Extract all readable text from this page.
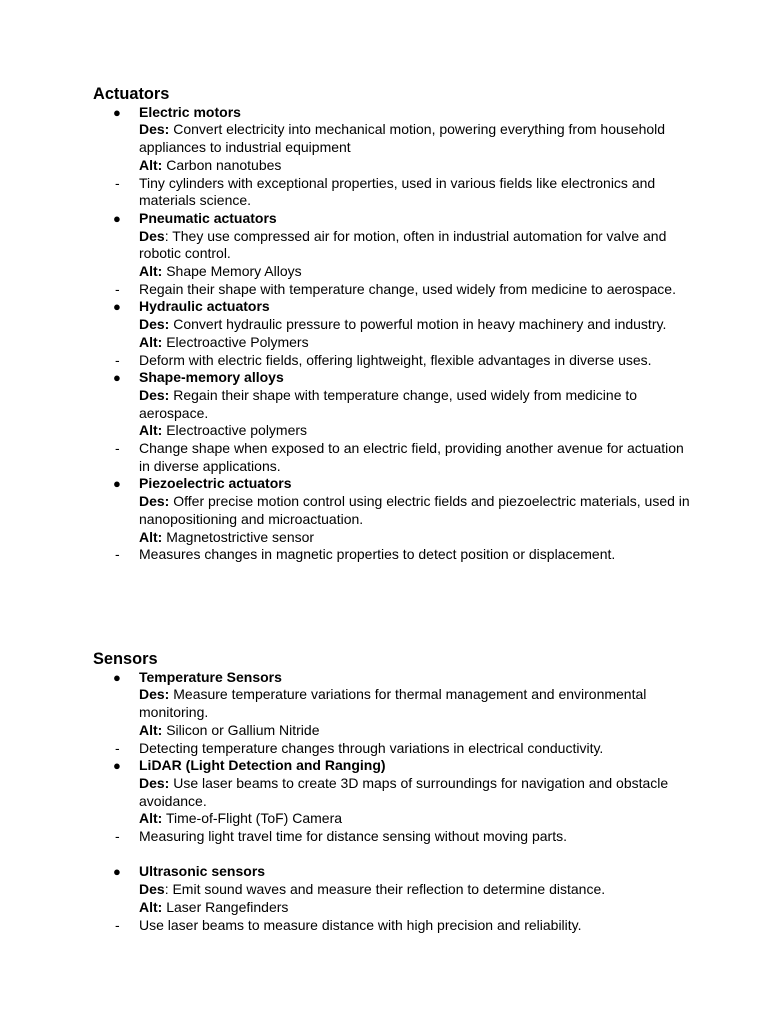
Actuators
● Electric motors

Des: Convert electricity into mechanical motion, powering everything from household appliances to industrial equipment

Alt: Carbon nanotubes

- Tiny cylinders with exceptional properties, used in various fields like electronics and materials science.
● Pneumatic actuators

Des: They use compressed air for motion, often in industrial automation for valve and robotic control.

Alt: Shape Memory Alloys

- Regain their shape with temperature change, used widely from medicine to aerospace.
● Hydraulic actuators

Des: Convert hydraulic pressure to powerful motion in heavy machinery and industry.

Alt: Electroactive Polymers

- Deform with electric fields, offering lightweight, flexible advantages in diverse uses.
● Shape-memory alloys

Des: Regain their shape with temperature change, used widely from medicine to aerospace.

Alt: Electroactive polymers

- Change shape when exposed to an electric field, providing another avenue for actuation in diverse applications.
● Piezoelectric actuators

Des: Offer precise motion control using electric fields and piezoelectric materials, used in nanopositioning and microactuation.

Alt: Magnetostrictive sensor

- Measures changes in magnetic properties to detect position or displacement.
Sensors
● Temperature Sensors

Des: Measure temperature variations for thermal management and environmental monitoring.

Alt: Silicon or Gallium Nitride

- Detecting temperature changes through variations in electrical conductivity.
● LiDAR (Light Detection and Ranging)

Des: Use laser beams to create 3D maps of surroundings for navigation and obstacle avoidance.

Alt: Time-of-Flight (ToF) Camera

- Measuring light travel time for distance sensing without moving parts.
● Ultrasonic sensors

Des: Emit sound waves and measure their reflection to determine distance.

Alt: Laser Rangefinders

- Use laser beams to measure distance with high precision and reliability.
